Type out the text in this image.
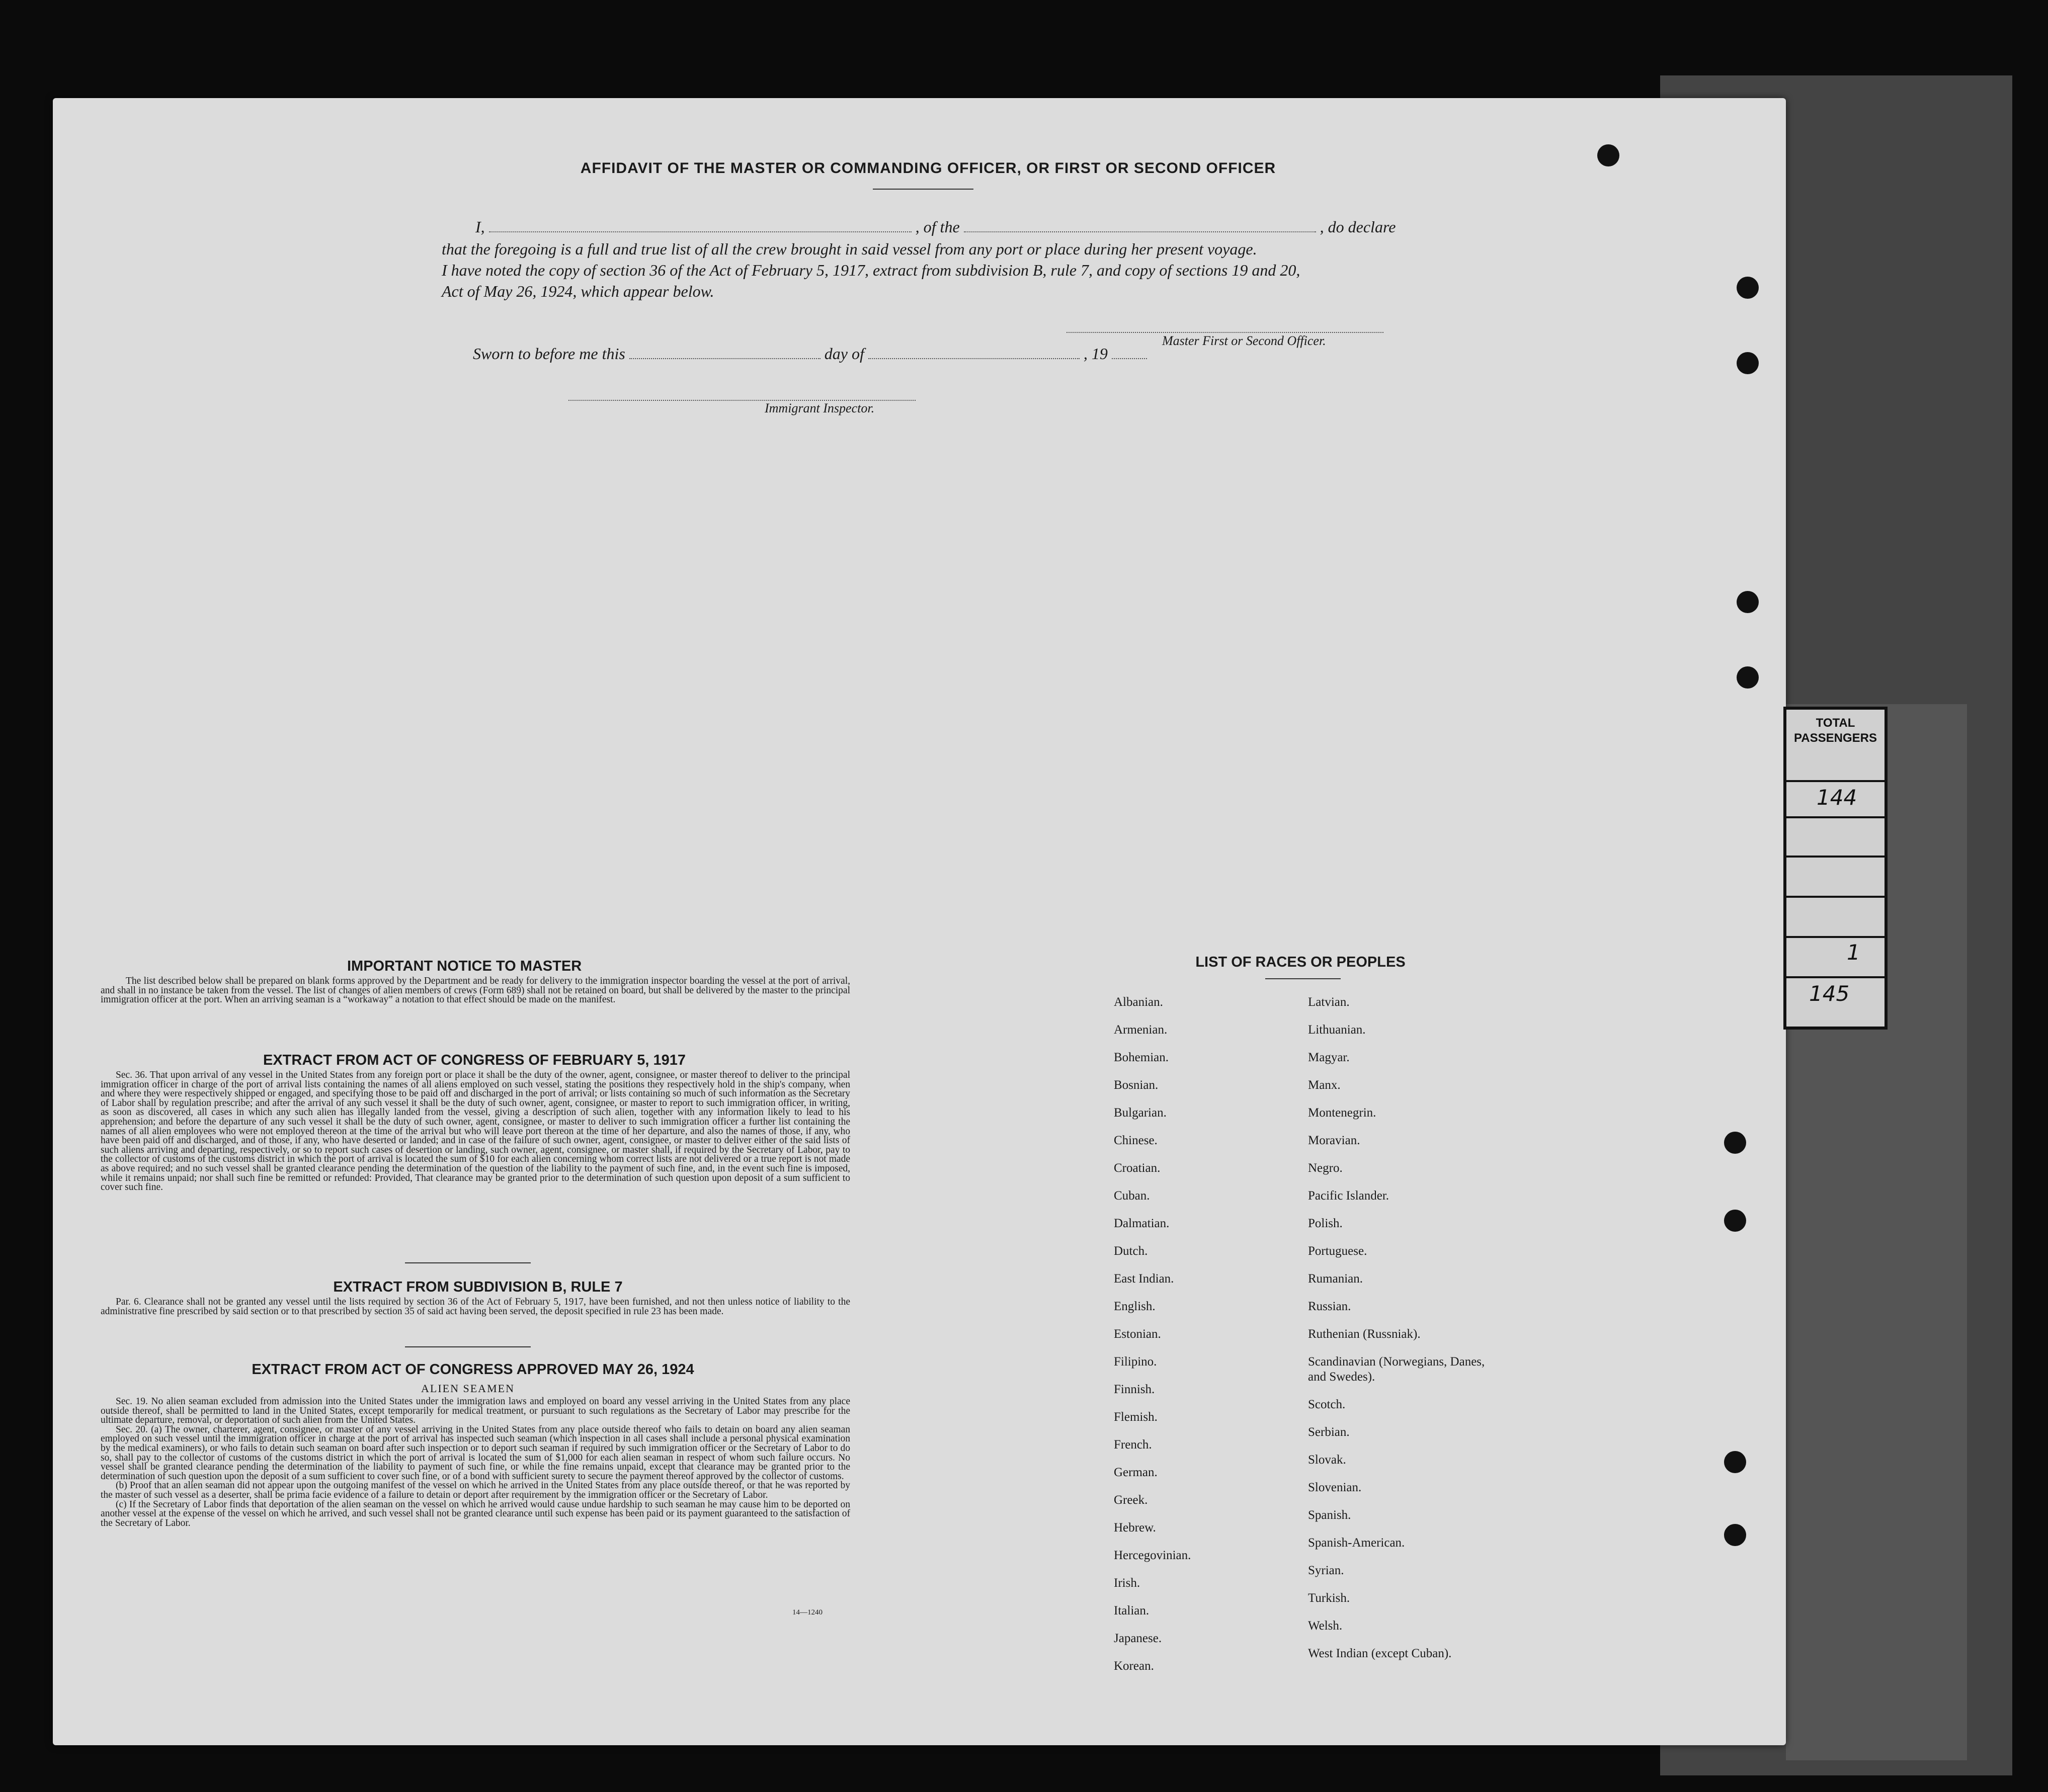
AFFIDAVIT OF THE MASTER OR COMMANDING OFFICER, OR FIRST OR SECOND OFFICER
I,	, of the	, do declare
that the foregoing is a full and true list of all the crew brought in said vessel from any port or place during her present voyage.
I have noted the copy of section 36 of the Act of February 5, 1917, extract from subdivision B, rule 7, and copy of sections 19 and 20,
Act of May 26, 1924, which appear below.
Master First or Second Officer.
Sworn to before me this	day of	, 19
Immigrant Inspector.
IMPORTANT NOTICE TO MASTER
The list described below shall be prepared on blank forms approved by the Department and be ready for delivery to the immigration inspector boarding the vessel at the port of arrival, and shall in no instance be taken from the vessel. The list of changes of alien members of crews (Form 689) shall not be retained on board, but shall be delivered by the master to the principal immigration officer at the port. When an arriving seaman is a “workaway” a notation to that effect should be made on the manifest.
EXTRACT FROM ACT OF CONGRESS OF FEBRUARY 5, 1917
Sec. 36. That upon arrival of any vessel in the United States from any foreign port or place it shall be the duty of the owner, agent, consignee, or master thereof to deliver to the principal immigration officer in charge of the port of arrival lists containing the names of all aliens employed on such vessel, stating the positions they respectively hold in the ship's company, when and where they were respectively shipped or engaged, and specifying those to be paid off and discharged in the port of arrival; or lists containing so much of such information as the Secretary of Labor shall by regulation prescribe; and after the arrival of any such vessel it shall be the duty of such owner, agent, consignee, or master to report to such immigration officer, in writing, as soon as discovered, all cases in which any such alien has illegally landed from the vessel, giving a description of such alien, together with any information likely to lead to his apprehension; and before the departure of any such vessel it shall be the duty of such owner, agent, consignee, or master to deliver to such immigration officer a further list containing the names of all alien employees who were not employed thereon at the time of the arrival but who will leave port thereon at the time of her departure, and also the names of those, if any, who have been paid off and discharged, and of those, if any, who have deserted or landed; and in case of the failure of such owner, agent, consignee, or master to deliver either of the said lists of such aliens arriving and departing, respectively, or so to report such cases of desertion or landing, such owner, agent, consignee, or master shall, if required by the Secretary of Labor, pay to the collector of customs of the customs district in which the port of arrival is located the sum of $10 for each alien concerning whom correct lists are not delivered or a true report is not made as above required; and no such vessel shall be granted clearance pending the determination of the question of the liability to the payment of such fine, and, in the event such fine is imposed, while it remains unpaid; nor shall such fine be remitted or refunded: Provided, That clearance may be granted prior to the determination of such question upon deposit of a sum sufficient to cover such fine.
EXTRACT FROM SUBDIVISION B, RULE 7
Par. 6. Clearance shall not be granted any vessel until the lists required by section 36 of the Act of February 5, 1917, have been furnished, and not then unless notice of liability to the administrative fine prescribed by said section or to that prescribed by section 35 of said act having been served, the deposit specified in rule 23 has been made.
EXTRACT FROM ACT OF CONGRESS APPROVED MAY 26, 1924
ALIEN SEAMEN
Sec. 19. No alien seaman excluded from admission into the United States under the immigration laws and employed on board any vessel arriving in the United States from any place outside thereof, shall be permitted to land in the United States, except temporarily for medical treatment, or pursuant to such regulations as the Secretary of Labor may prescribe for the ultimate departure, removal, or deportation of such alien from the United States.
Sec. 20. (a) The owner, charterer, agent, consignee, or master of any vessel arriving in the United States from any place outside thereof who fails to detain on board any alien seaman employed on such vessel until the immigration officer in charge at the port of arrival has inspected such seaman (which inspection in all cases shall include a personal physical examination by the medical examiners), or who fails to detain such seaman on board after such inspection or to deport such seaman if required by such immigration officer or the Secretary of Labor to do so, shall pay to the collector of customs of the customs district in which the port of arrival is located the sum of $1,000 for each alien seaman in respect of whom such failure occurs. No vessel shall be granted clearance pending the determination of the liability to payment of such fine, or while the fine remains unpaid, except that clearance may be granted prior to the determination of such question upon the deposit of a sum sufficient to cover such fine, or of a bond with sufficient surety to secure the payment thereof approved by the collector of customs.
(b) Proof that an alien seaman did not appear upon the outgoing manifest of the vessel on which he arrived in the United States from any place outside thereof, or that he was reported by the master of such vessel as a deserter, shall be prima facie evidence of a failure to detain or deport after requirement by the immigration officer or the Secretary of Labor.
(c) If the Secretary of Labor finds that deportation of the alien seaman on the vessel on which he arrived would cause undue hardship to such seaman he may cause him to be deported on another vessel at the expense of the vessel on which he arrived, and such vessel shall not be granted clearance until such expense has been paid or its payment guaranteed to the satisfaction of the Secretary of Labor.
14—1240
LIST OF RACES OR PEOPLES
Albanian.
Armenian.
Bohemian.
Bosnian.
Bulgarian.
Chinese.
Croatian.
Cuban.
Dalmatian.
Dutch.
East Indian.
English.
Estonian.
Filipino.
Finnish.
Flemish.
French.
German.
Greek.
Hebrew.
Hercegovinian.
Irish.
Italian.
Japanese.
Korean.
Latvian.
Lithuanian.
Magyar.
Manx.
Montenegrin.
Moravian.
Negro.
Pacific Islander.
Polish.
Portuguese.
Rumanian.
Russian.
Ruthenian (Russniak).
Scandinavian (Norwegians, Danes, and Swedes).
Scotch.
Serbian.
Slovak.
Slovenian.
Spanish.
Spanish-American.
Syrian.
Turkish.
Welsh.
West Indian (except Cuban).
TOTAL
PASSENGERS
144
1
145
